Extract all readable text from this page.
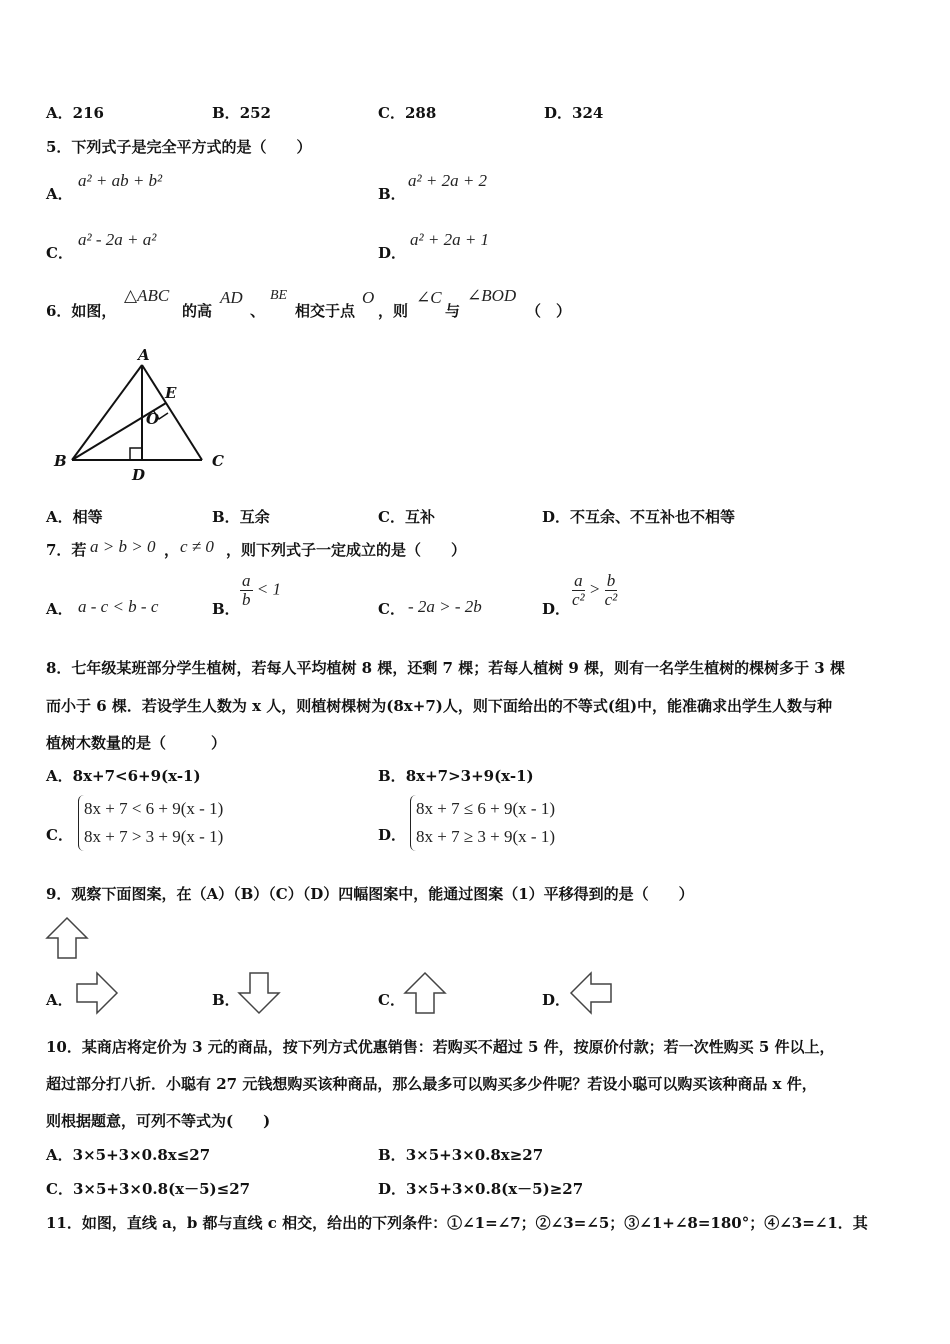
A．216	B．252	C．288	D．324
5．下列式子是完全平方式的是（　　）
A．
a² + ab + b²
B．
a² + 2a + 2
C．
a² - 2a + a²
D．
a² + 2a + 1
6．如图，
△ABC
的高
AD
、
BE
相交于点
O
，则
∠C
与
∠BOD
（　）
A
B	C
D
E
O
A．相等	B．互余	C．互补	D．不互余、不互补也不相等
7．若 a > b > 0 ， c ≠ 0 ，则下列式子一定成立的是（　　）
A． a - c < b - c	B． $\frac{a}{b} < 1$
C． - 2a > - 2b	D． $\frac{a}{\text{c²}} > \frac{b}{\text{c²}}$
8．七年级某班部分学生植树，若每人平均植树 8 棵，还剩 7 棵；若每人植树 9 棵，则有一名学生植树的棵树多于 3 棵
而小于 6 棵．若设学生人数为 x 人，则植树棵树为(8x+7)人，则下面给出的不等式(组)中，能准确求出学生人数与种
植树木数量的是（　　　）
A．8x+7<6+9(x-1)	B．8x+7>3+9(x-1)
C．
8x + 7 < 6 + 9(x - 1)
8x + 7 > 3 + 9(x - 1)	D．
8x + 7 ≤ 6 + 9(x - 1)
8x + 7 ≥ 3 + 9(x - 1)
9．观察下面图案，在（A）（B）（C）（D）四幅图案中，能通过图案（1）平移得到的是（　　）
A．	B．	C．	D．
10．某商店将定价为 3 元的商品，按下列方式优惠销售：若购买不超过 5 件，按原价付款；若一次性购买 5 件以上，
超过部分打八折．小聪有 27 元钱想购买该种商品，那么最多可以购买多少件呢？若设小聪可以购买该种商品 x 件，
则根据题意，可列不等式为(　　)
A．3×5+3×0.8x≤27	B．3×5+3×0.8x≥27
C．3×5+3×0.8(x－5)≤27	D．3×5+3×0.8(x－5)≥27
11．如图，直线 a，b 都与直线 c 相交，给出的下列条件：①∠1=∠7；②∠3=∠5；③∠1+∠8=180°；④∠3=∠1．其
